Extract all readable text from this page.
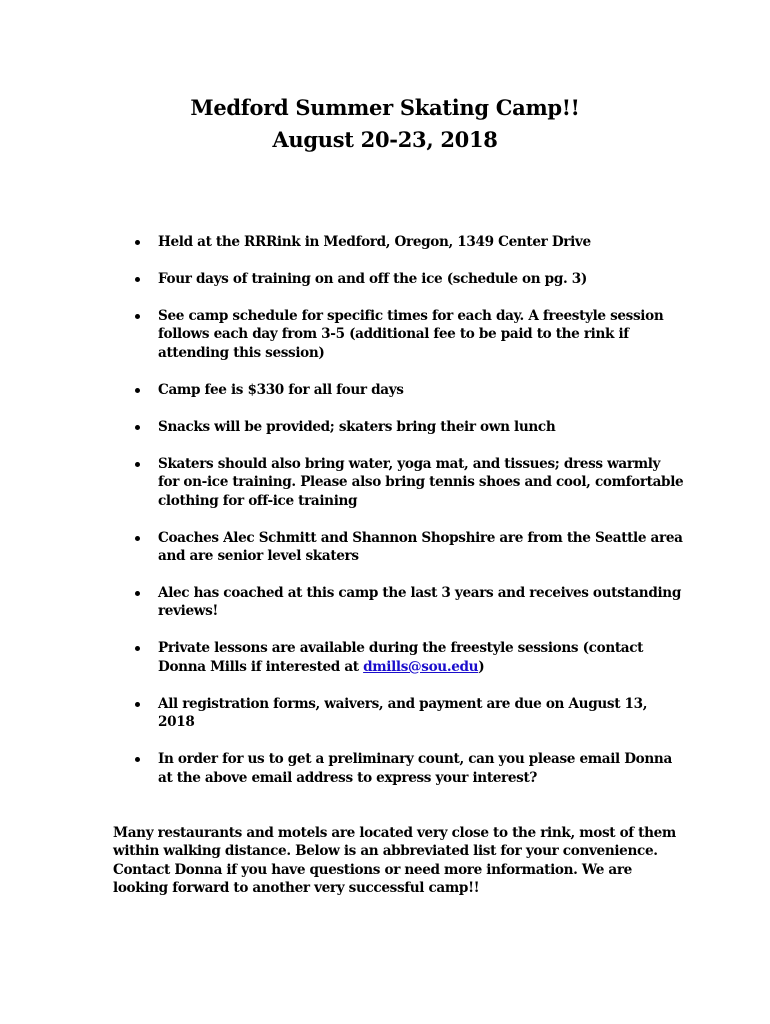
Medford Summer Skating Camp!!
August 20-23, 2018
Held at the RRRink in Medford, Oregon, 1349 Center Drive
Four days of training on and off the ice (schedule on pg. 3)
See camp schedule for specific times for each day. A freestyle session
follows each day from 3-5 (additional fee to be paid to the rink if
attending this session)
Camp fee is $330 for all four days
Snacks will be provided; skaters bring their own lunch
Skaters should also bring water, yoga mat, and tissues; dress warmly
for on-ice training. Please also bring tennis shoes and cool, comfortable
clothing for off-ice training
Coaches Alec Schmitt and Shannon Shopshire are from the Seattle area
and are senior level skaters
Alec has coached at this camp the last 3 years and receives outstanding
reviews!
Private lessons are available during the freestyle sessions (contact
Donna Mills if interested at dmills@sou.edu)
All registration forms, waivers, and payment are due on August 13,
2018
In order for us to get a preliminary count, can you please email Donna
at the above email address to express your interest?
Many restaurants and motels are located very close to the rink, most of them
within walking distance. Below is an abbreviated list for your convenience.
Contact Donna if you have questions or need more information. We are
looking forward to another very successful camp!!
